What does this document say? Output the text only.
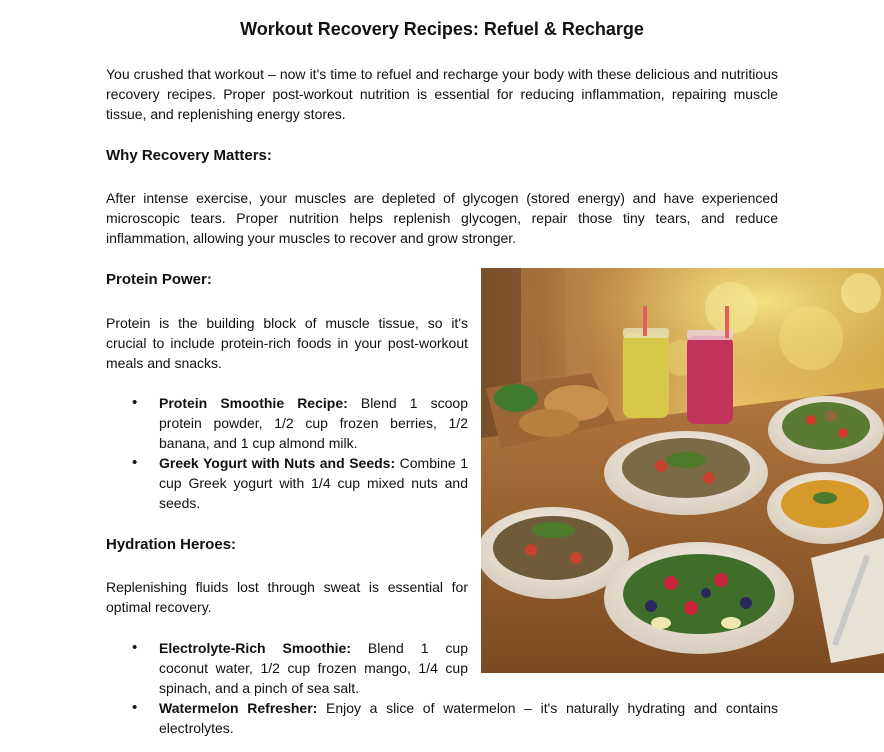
Workout Recovery Recipes: Refuel & Recharge

You crushed that workout – now it's time to refuel and recharge your body with these delicious and nutritious recovery recipes. Proper post-workout nutrition is essential for reducing inflammation, repairing muscle tissue, and replenishing energy stores.

Why Recovery Matters:

After intense exercise, your muscles are depleted of glycogen (stored energy) and have experienced microscopic tears. Proper nutrition helps replenish glycogen, repair those tiny tears, and reduce inflammation, allowing your muscles to recover and grow stronger.

Protein Power:

Protein is the building block of muscle tissue, so it's crucial to include protein-rich foods in your post-workout meals and snacks.

• Protein Smoothie Recipe: Blend 1 scoop protein powder, 1/2 cup frozen berries, 1/2 banana, and 1 cup almond milk.
• Greek Yogurt with Nuts and Seeds: Combine 1 cup Greek yogurt with 1/4 cup mixed nuts and seeds.
Hydration Heroes:

Replenishing fluids lost through sweat is essential for optimal recovery.

• Electrolyte-Rich Smoothie: Blend 1 cup coconut water, 1/2 cup frozen mango, 1/4 cup spinach, and a pinch of sea salt.
• Watermelon Refresher: Enjoy a slice of watermelon – it's naturally hydrating and contains electrolytes.
